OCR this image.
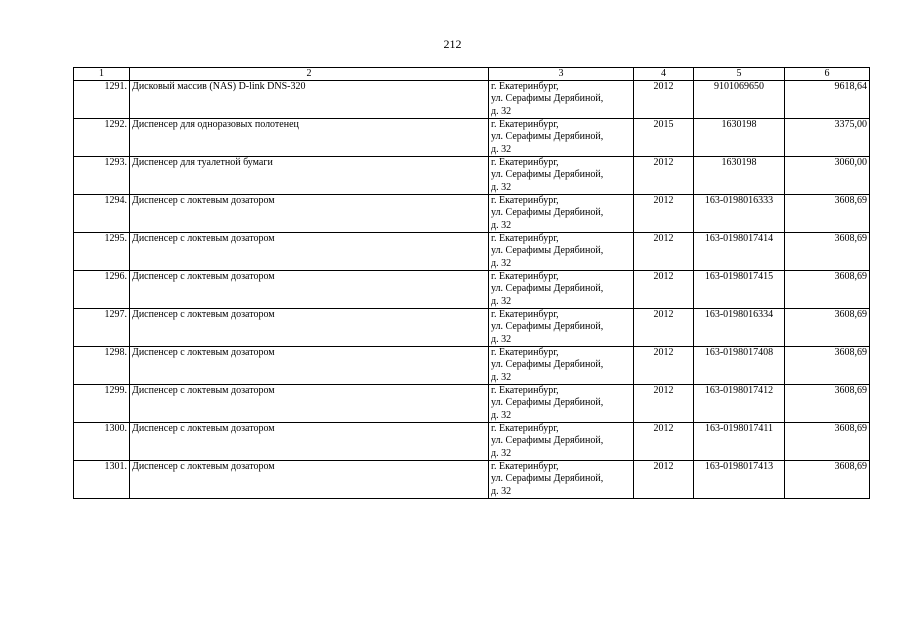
212
1	2	3	4	5	6
1291.	Дисковый массив (NAS) D-link DNS-320	г. Екатеринбург,
ул. Серафимы Дерябиной,
д. 32	2012	9101069650	9618,64
1292.	Диспенсер для одноразовых полотенец	г. Екатеринбург,
ул. Серафимы Дерябиной,
д. 32	2015	1630198	3375,00
1293.	Диспенсер для туалетной бумаги	г. Екатеринбург,
ул. Серафимы Дерябиной,
д. 32	2012	1630198	3060,00
1294.	Диспенсер с локтевым дозатором	г. Екатеринбург,
ул. Серафимы Дерябиной,
д. 32	2012	163-0198016333	3608,69
1295.	Диспенсер с локтевым дозатором	г. Екатеринбург,
ул. Серафимы Дерябиной,
д. 32	2012	163-0198017414	3608,69
1296.	Диспенсер с локтевым дозатором	г. Екатеринбург,
ул. Серафимы Дерябиной,
д. 32	2012	163-0198017415	3608,69
1297.	Диспенсер с локтевым дозатором	г. Екатеринбург,
ул. Серафимы Дерябиной,
д. 32	2012	163-0198016334	3608,69
1298.	Диспенсер с локтевым дозатором	г. Екатеринбург,
ул. Серафимы Дерябиной,
д. 32	2012	163-0198017408	3608,69
1299.	Диспенсер с локтевым дозатором	г. Екатеринбург,
ул. Серафимы Дерябиной,
д. 32	2012	163-0198017412	3608,69
1300.	Диспенсер с локтевым дозатором	г. Екатеринбург,
ул. Серафимы Дерябиной,
д. 32	2012	163-0198017411	3608,69
1301.	Диспенсер с локтевым дозатором	г. Екатеринбург,
ул. Серафимы Дерябиной,
д. 32	2012	163-0198017413	3608,69
